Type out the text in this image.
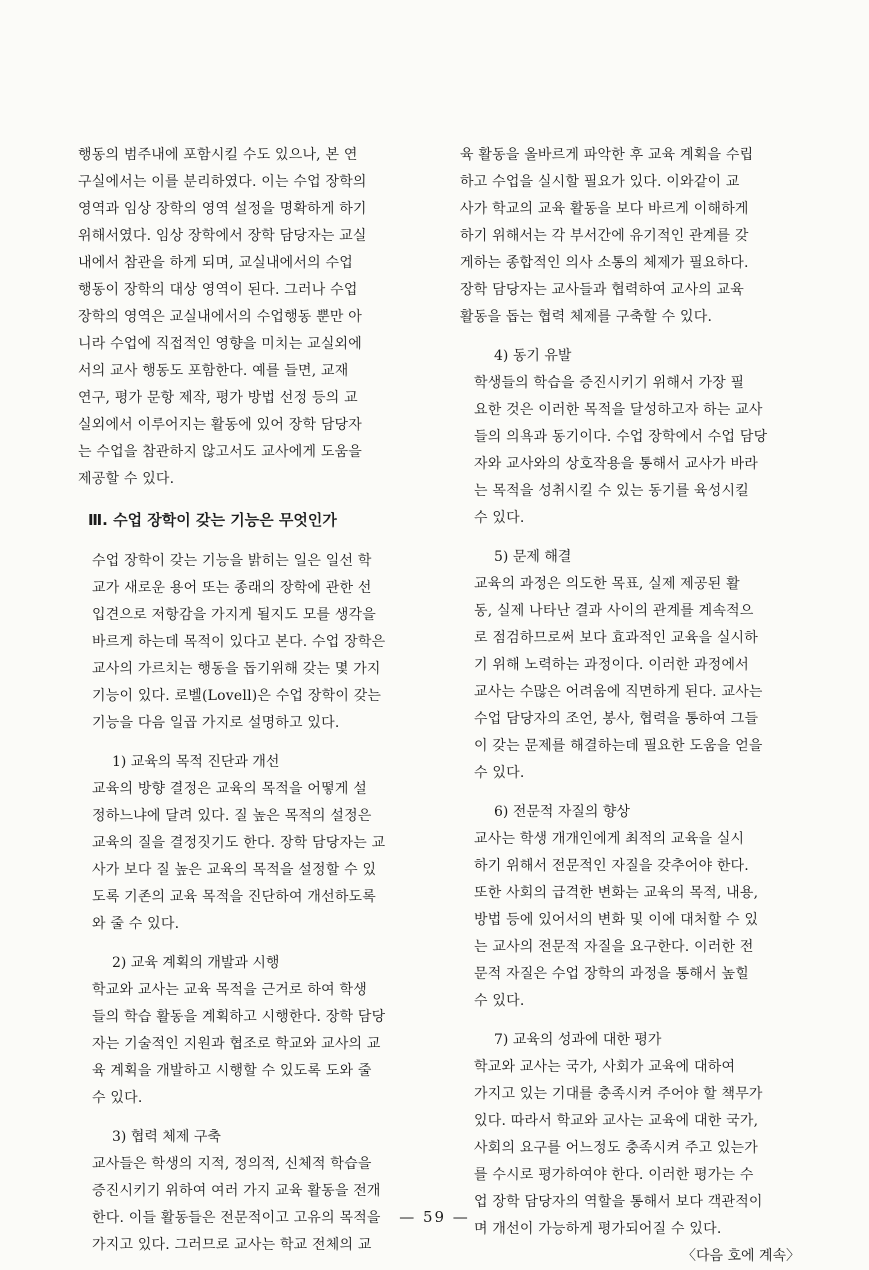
행동의 범주내에 포함시킬 수도 있으나, 본 연
구실에서는 이를 분리하였다. 이는 수업 장학의
영역과 임상 장학의 영역 설정을 명확하게 하기
위해서였다. 임상 장학에서 장학 담당자는 교실
내에서 참관을 하게 되며, 교실내에서의 수업
행동이 장학의 대상 영역이 된다. 그러나 수업
장학의 영역은 교실내에서의 수업행동 뿐만 아
니라 수업에 직접적인 영향을 미치는 교실외에
서의 교사 행동도 포함한다. 예를 들면, 교재
연구, 평가 문항 제작, 평가 방법 선정 등의 교
실외에서 이루어지는 활동에 있어 장학 담당자
는 수업을 참관하지 않고서도 교사에게 도움을
제공할 수 있다.
Ⅲ. 수업 장학이 갖는 기능은 무엇인가
수업 장학이 갖는 기능을 밝히는 일은 일선 학
교가 새로운 용어 또는 종래의 장학에 관한 선
입견으로 저항감을 가지게 될지도 모를 생각을
바르게 하는데 목적이 있다고 본다. 수업 장학은
교사의 가르치는 행동을 돕기위해 갖는 몇 가지
기능이 있다. 로벨(Lovell)은 수업 장학이 갖는
기능을 다음 일곱 가지로 설명하고 있다.
1) 교육의 목적 진단과 개선
교육의 방향 결정은 교육의 목적을 어떻게 설
정하느냐에 달려 있다. 질 높은 목적의 설정은
교육의 질을 결정짓기도 한다. 장학 담당자는 교
사가 보다 질 높은 교육의 목적을 설정할 수 있
도록 기존의 교육 목적을 진단하여 개선하도록
와 줄 수 있다.
2) 교육 계획의 개발과 시행
학교와 교사는 교육 목적을 근거로 하여 학생
들의 학습 활동을 계획하고 시행한다. 장학 담당
자는 기술적인 지원과 협조로 학교와 교사의 교
육 계획을 개발하고 시행할 수 있도록 도와 줄
수 있다.
3) 협력 체제 구축
교사들은 학생의 지적, 정의적, 신체적 학습을
증진시키기 위하여 여러 가지 교육 활동을 전개
한다. 이들 활동들은 전문적이고 고유의 목적을
가지고 있다. 그러므로 교사는 학교 전체의 교
육 활동을 올바르게 파악한 후 교육 계획을 수립
하고 수업을 실시할 필요가 있다. 이와같이 교
사가 학교의 교육 활동을 보다 바르게 이해하게
하기 위해서는 각 부서간에 유기적인 관계를 갖
게하는 종합적인 의사 소통의 체제가 필요하다.
장학 담당자는 교사들과 협력하여 교사의 교육
활동을 돕는 협력 체제를 구축할 수 있다.
4) 동기 유발
학생들의 학습을 증진시키기 위해서 가장 필
요한 것은 이러한 목적을 달성하고자 하는 교사
들의 의욕과 동기이다. 수업 장학에서 수업 담당
자와 교사와의 상호작용을 통해서 교사가 바라
는 목적을 성취시킬 수 있는 동기를 육성시킬
수 있다.
5) 문제 해결
교육의 과정은 의도한 목표, 실제 제공된 활
동, 실제 나타난 결과 사이의 관계를 계속적으
로 점검하므로써 보다 효과적인 교육을 실시하
기 위해 노력하는 과정이다. 이러한 과정에서
교사는 수많은 어려움에 직면하게 된다. 교사는
수업 담당자의 조언, 봉사, 협력을 통하여 그들
이 갖는 문제를 해결하는데 필요한 도움을 얻을
수 있다.
6) 전문적 자질의 향상
교사는 학생 개개인에게 최적의 교육을 실시
하기 위해서 전문적인 자질을 갖추어야 한다.
또한 사회의 급격한 변화는 교육의 목적, 내용,
방법 등에 있어서의 변화 및 이에 대처할 수 있
는 교사의 전문적 자질을 요구한다. 이러한 전
문적 자질은 수업 장학의 과정을 통해서 높힐
수 있다.
7) 교육의 성과에 대한 평가
학교와 교사는 국가, 사회가 교육에 대하여
가지고 있는 기대를 충족시켜 주어야 할 책무가
있다. 따라서 학교와 교사는 교육에 대한 국가,
사회의 요구를 어느정도 충족시켜 주고 있는가
를 수시로 평가하여야 한다. 이러한 평가는 수
업 장학 담당자의 역할을 통해서 보다 객관적이
며 개선이 가능하게 평가되어질 수 있다.
〈다음 호에 계속〉
— 59 —
